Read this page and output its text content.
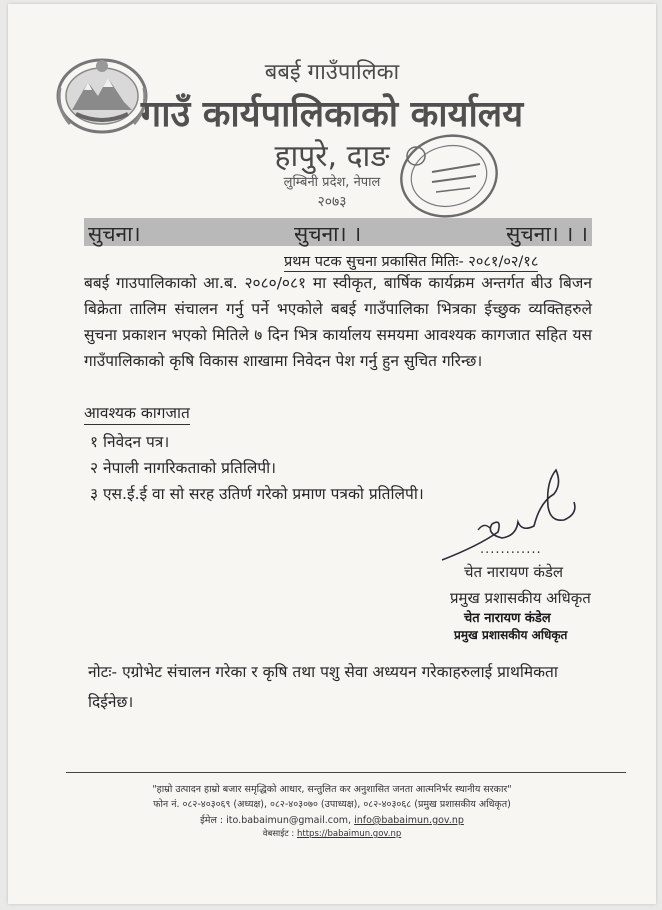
बबई गाउँपालिका
गाउँ कार्यपालिकाको कार्यालय
हापुरे, दाङ
लुम्बिनी प्रदेश, नेपाल
२०७३
सुचना।	सुचना। ।	सुचना। । ।
प्रथम पटक सुचना प्रकासित मितिः- २०८१/०२/१८
बबई गाउपालिकाको आ.ब. २०८०/०८१ मा स्वीकृत, बार्षिक कार्यक्रम अन्तर्गत बीउ बिजन बिक्रेता तालिम संचालन गर्नु पर्ने भएकोले बबई गाउँपालिका भित्रका ईच्छुक व्यक्तिहरुले सुचना प्रकाशन भएको मितिले ७ दिन भित्र कार्यालय समयमा आवश्यक कागजात सहित यस गाउँपालिकाको कृषि विकास शाखामा निवेदन पेश गर्नु हुन सुचित गरिन्छ।
आवश्यक कागजात
१ निवेदन पत्र।
२ नेपाली नागरिकताको प्रतिलिपी।
३ एस.ई.ई वा सो सरह उतिर्ण गरेको प्रमाण पत्रको प्रतिलिपी।
............
चेत नारायण कंडेल
प्रमुख प्रशासकीय अधिकृत
चेत नारायण कंडेल
प्रमुख प्रशासकीय अधिकृत
नोटः- एग्रोभेट संचालन गरेका र कृषि तथा पशु सेवा अध्ययन गरेकाहरुलाई प्राथमिकता दिईनेछ।
"हाम्रो उत्पादन हाम्रो बजार समृद्धिको आधार, सन्तुलित कर अनुशासित जनता आत्मनिर्भर स्थानीय सरकार"
फोन नं. ०८२-४०३०६९ (अध्यक्ष), ०८२-४०३०७० (उपाध्यक्ष), ०८२-४०३०६८ (प्रमुख प्रशासकीय अधिकृत)
ईमेल : ito.babaimun@gmail.com, info@babaimun.gov.np
वेबसाईट : https://babaimun.gov.np
